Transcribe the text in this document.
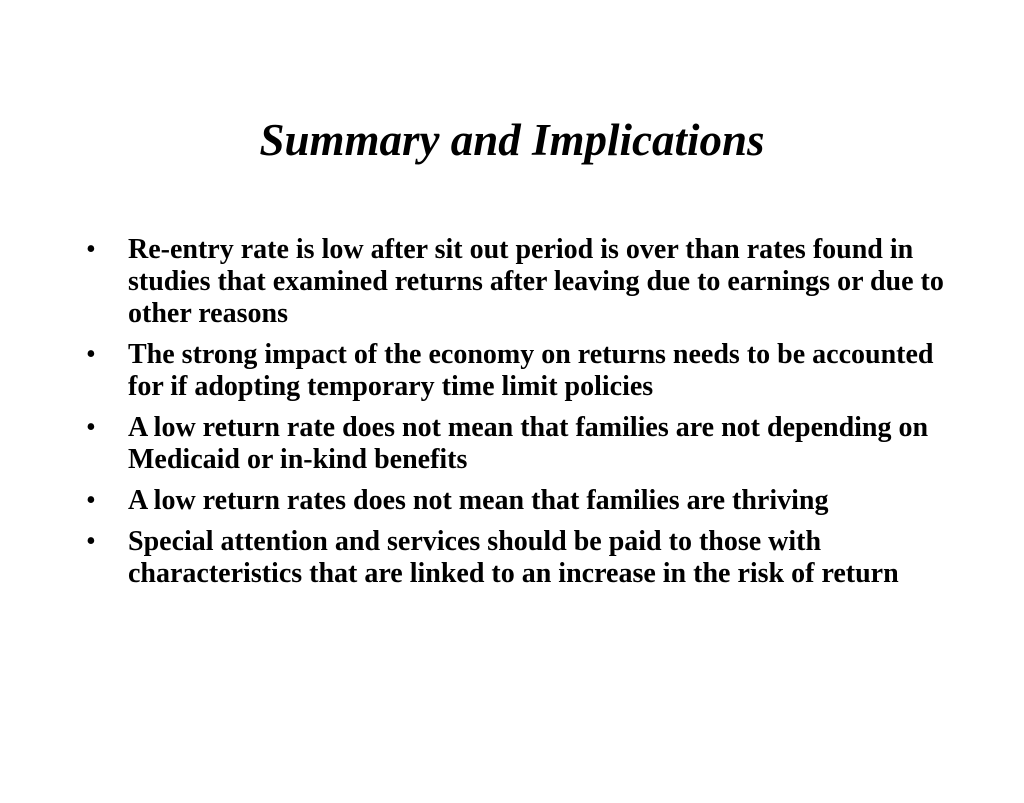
Summary and Implications
•	Re-entry rate is low after sit out period is over than rates found in studies that examined returns after leaving due to earnings or due to other reasons
•	The strong impact of the economy on returns needs to be accounted for if adopting temporary time limit policies
•	A low return rate does not mean that families are not depending on Medicaid or in-kind benefits
•	A low return rates does not mean that families are thriving
•	Special attention and services should be paid to those with characteristics that are linked to an increase in the risk of return
